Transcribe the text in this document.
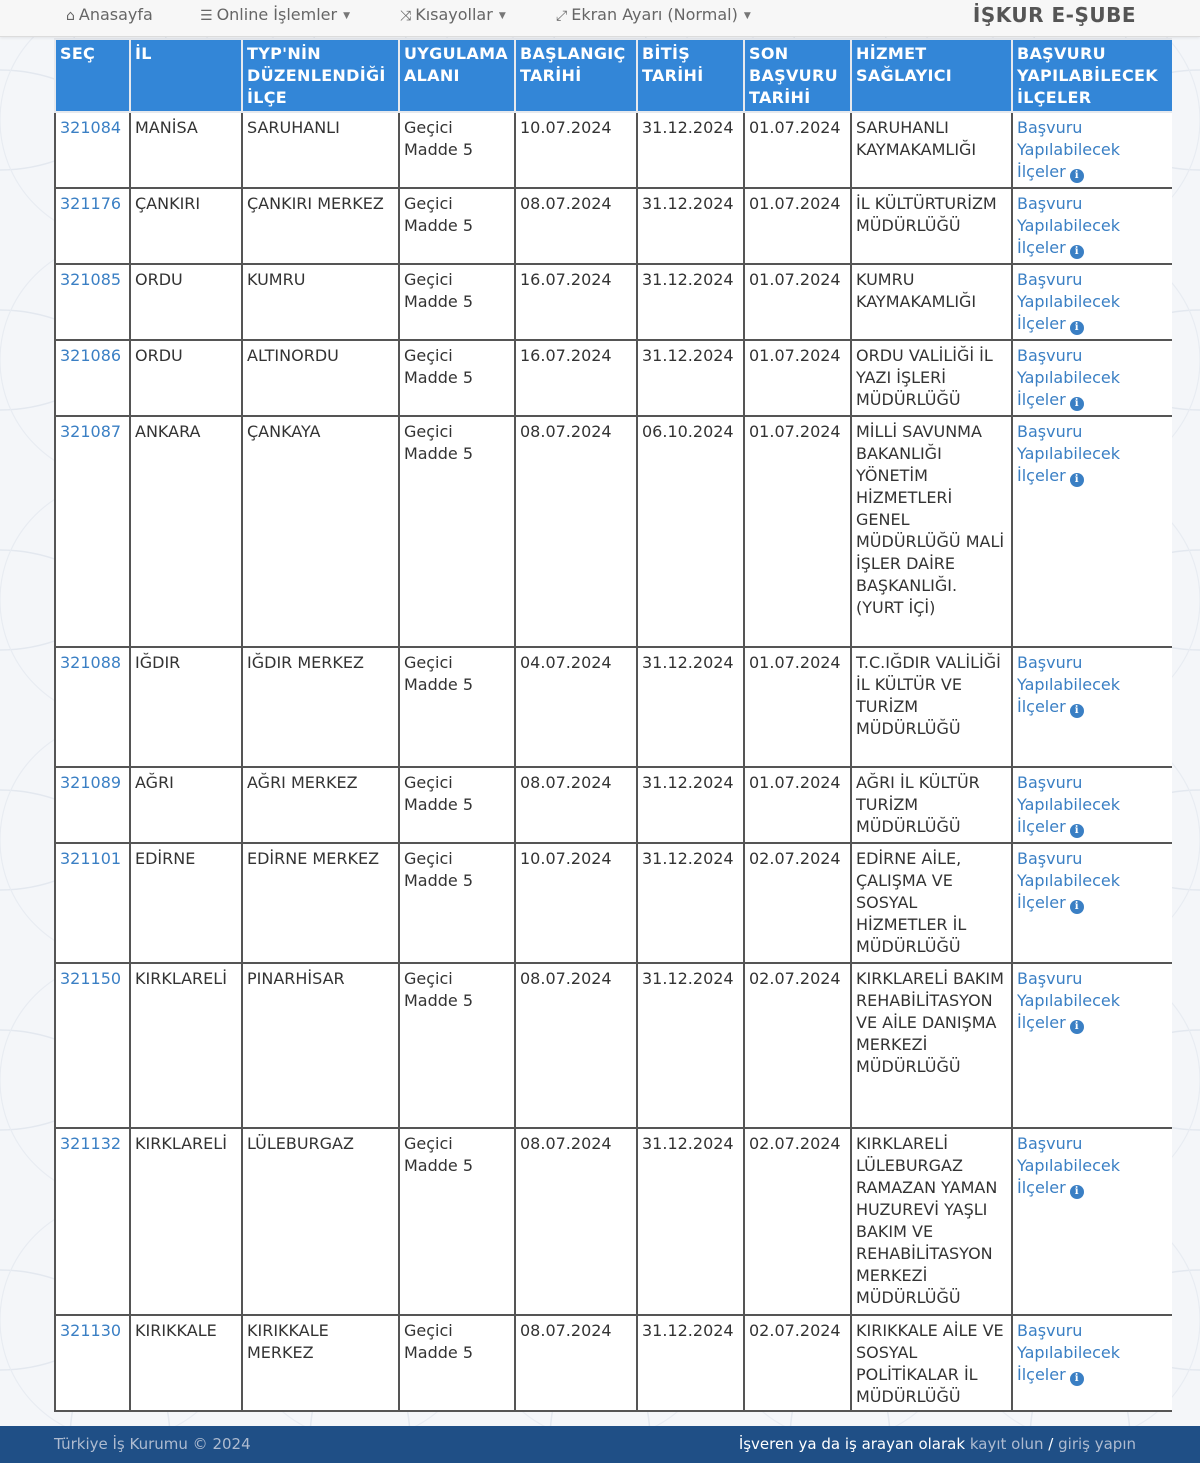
⌂ Anasayfa	☰ Online İşlemler ▼	⤨ Kısayollar ▼	⤢ Ekran Ayarı (Normal) ▼	İŞKUR E-ŞUBE
SEÇ	İL	TYP'NİN DÜZENLENDİĞİ İLÇE	UYGULAMA ALANI	BAŞLANGIÇ TARİHİ	BİTİŞ TARİHİ	SON BAŞVURU TARİHİ	HİZMET SAĞLAYICI	BAŞVURU YAPILABİLECEK İLÇELER
321084	MANİSA	SARUHANLI	Geçici Madde 5	10.07.2024	31.12.2024	01.07.2024	SARUHANLI KAYMAKAMLIĞI	Başvuru Yapılabilecek İlçeler i
321176	ÇANKIRI	ÇANKIRI MERKEZ	Geçici Madde 5	08.07.2024	31.12.2024	01.07.2024	İL KÜLTÜRTURİZM MÜDÜRLÜĞÜ	Başvuru Yapılabilecek İlçeler i
321085	ORDU	KUMRU	Geçici Madde 5	16.07.2024	31.12.2024	01.07.2024	KUMRU KAYMAKAMLIĞI	Başvuru Yapılabilecek İlçeler i
321086	ORDU	ALTINORDU	Geçici Madde 5	16.07.2024	31.12.2024	01.07.2024	ORDU VALİLİĞİ İL YAZI İŞLERİ MÜDÜRLÜĞÜ	Başvuru Yapılabilecek İlçeler i
321087	ANKARA	ÇANKAYA	Geçici Madde 5	08.07.2024	06.10.2024	01.07.2024	MİLLİ SAVUNMA BAKANLIĞI YÖNETİM HİZMETLERİ GENEL MÜDÜRLÜĞÜ MALİ İŞLER DAİRE BAŞKANLIĞI. (YURT İÇİ)	Başvuru Yapılabilecek İlçeler i
321088	IĞDIR	IĞDIR MERKEZ	Geçici Madde 5	04.07.2024	31.12.2024	01.07.2024	T.C.IĞDIR VALİLİĞİ İL KÜLTÜR VE TURİZM MÜDÜRLÜĞÜ	Başvuru Yapılabilecek İlçeler i
321089	AĞRI	AĞRI MERKEZ	Geçici Madde 5	08.07.2024	31.12.2024	01.07.2024	AĞRI İL KÜLTÜR TURİZM MÜDÜRLÜĞÜ	Başvuru Yapılabilecek İlçeler i
321101	EDİRNE	EDİRNE MERKEZ	Geçici Madde 5	10.07.2024	31.12.2024	02.07.2024	EDİRNE AİLE, ÇALIŞMA VE SOSYAL HİZMETLER İL MÜDÜRLÜĞÜ	Başvuru Yapılabilecek İlçeler i
321150	KIRKLARELİ	PINARHİSAR	Geçici Madde 5	08.07.2024	31.12.2024	02.07.2024	KIRKLARELİ BAKIM REHABİLİTASYON VE AİLE DANIŞMA MERKEZİ MÜDÜRLÜĞÜ	Başvuru Yapılabilecek İlçeler i
321132	KIRKLARELİ	LÜLEBURGAZ	Geçici Madde 5	08.07.2024	31.12.2024	02.07.2024	KIRKLARELİ LÜLEBURGAZ RAMAZAN YAMAN HUZUREVİ YAŞLI BAKIM VE REHABİLİTASYON MERKEZİ MÜDÜRLÜĞÜ	Başvuru Yapılabilecek İlçeler i
321130	KIRIKKALE	KIRIKKALE MERKEZ	Geçici Madde 5	08.07.2024	31.12.2024	02.07.2024	KIRIKKALE AİLE VE SOSYAL POLİTİKALAR İL MÜDÜRLÜĞÜ	Başvuru Yapılabilecek İlçeler i
Türkiye İş Kurumu © 2024	İşveren ya da iş arayan olarak kayıt olun / giriş yapın
